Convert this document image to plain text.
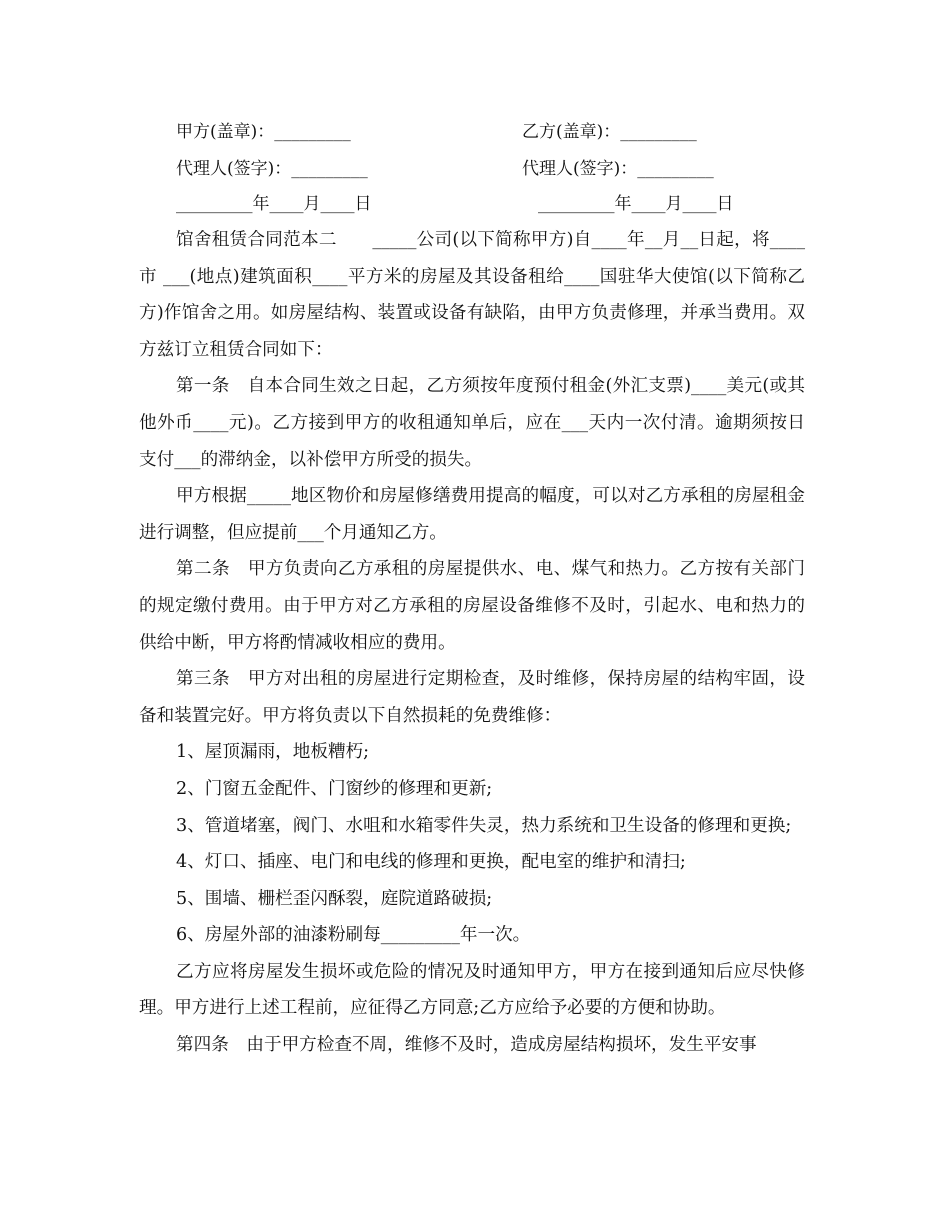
甲方(盖章)：_________	乙方(盖章)：_________
代理人(签字)：_________	代理人(签字)：_________
_________年____月____日	_________年____月____日

馆舍租赁合同范本二　　_____公司(以下简称甲方)自____年__月__日起，将____市 ___(地点)建筑面积____平方米的房屋及其设备租给____国驻华大使馆(以下简称乙方)作馆舍之用。如房屋结构、装置或设备有缺陷，由甲方负责修理，并承当费用。双方兹订立租赁合同如下：

第一条　自本合同生效之日起，乙方须按年度预付租金(外汇支票)____美元(或其他外币____元)。乙方接到甲方的收租通知单后，应在___天内一次付清。逾期须按日支付___的滞纳金，以补偿甲方所受的损失。

甲方根据_____地区物价和房屋修缮费用提高的幅度，可以对乙方承租的房屋租金进行调整，但应提前___个月通知乙方。

第二条　甲方负责向乙方承租的房屋提供水、电、煤气和热力。乙方按有关部门的规定缴付费用。由于甲方对乙方承租的房屋设备维修不及时，引起水、电和热力的供给中断，甲方将酌情减收相应的费用。

第三条　甲方对出租的房屋进行定期检查，及时维修，保持房屋的结构牢固，设备和装置完好。甲方将负责以下自然损耗的免费维修：

1、屋顶漏雨，地板糟朽;

2、门窗五金配件、门窗纱的修理和更新;

3、管道堵塞，阀门、水咀和水箱零件失灵，热力系统和卫生设备的修理和更换;

4、灯口、插座、电门和电线的修理和更换，配电室的维护和清扫;

5、围墙、栅栏歪闪酥裂，庭院道路破损;

6、房屋外部的油漆粉刷每_________年一次。

乙方应将房屋发生损坏或危险的情况及时通知甲方，甲方在接到通知后应尽快修理。甲方进行上述工程前，应征得乙方同意;乙方应给予必要的方便和协助。

第四条　由于甲方检查不周，维修不及时，造成房屋结构损坏，发生平安事
